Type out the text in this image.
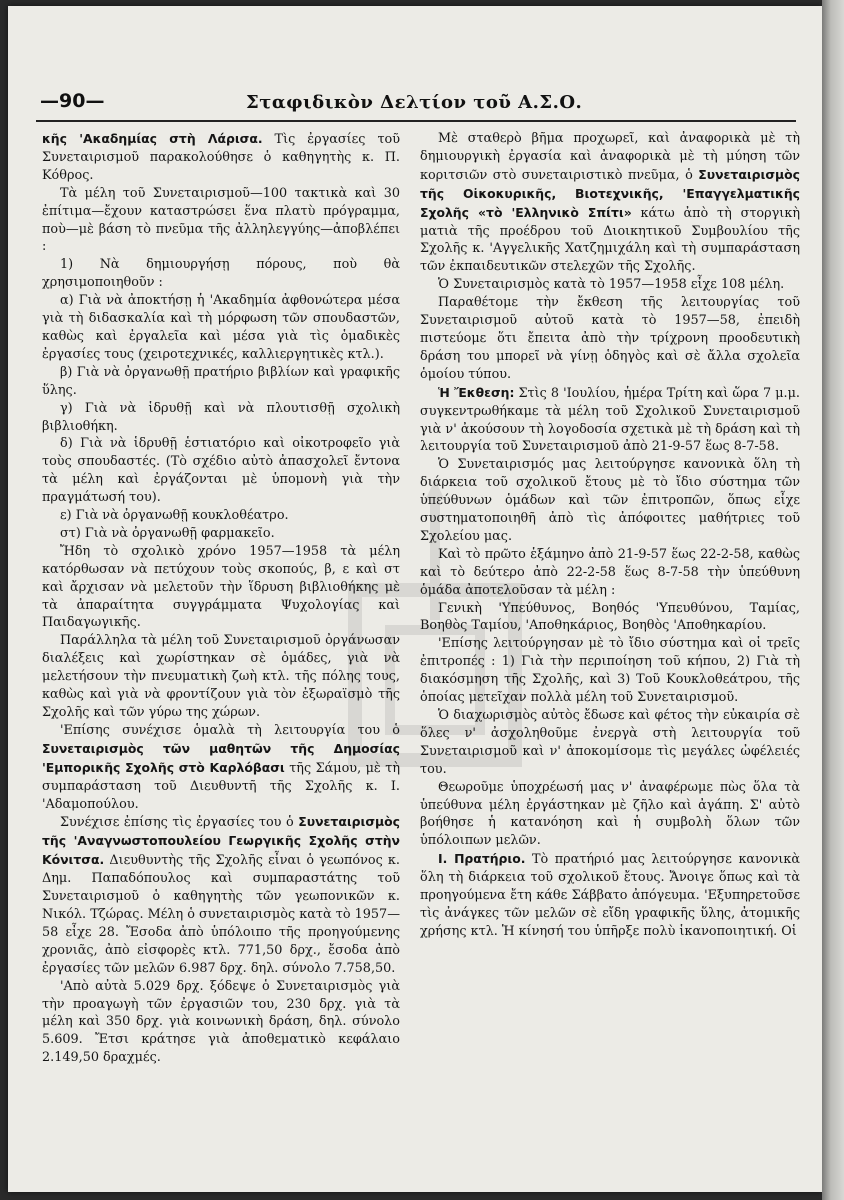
—90—	Σταφιδικὸν Δελτίον τοῦ Α.Σ.Ο.

κῆς 'Ακαδημίας στὴ Λάρισα. Τὶς ἐργασίες τοῦ Συνεταιρισμοῦ παρακολούθησε ὁ καθηγητὴς κ. Π. Κόθρος.

Τὰ μέλη τοῦ Συνεταιρισμοῦ—100 τακτικὰ καὶ 30 ἐπίτιμα—ἔχουν καταστρώσει ἕνα πλατὺ πρόγραμμα, ποὺ—μὲ βάση τὸ πνεῦμα τῆς ἀλληλεγγύης—ἀποβλέπει :

1) Νὰ δημιουργήσῃ πόρους, ποὺ θὰ χρησιμοποιηθοῦν :

α) Γιὰ νὰ ἀποκτήσῃ ἡ 'Ακαδημία ἀφθονώτερα μέσα γιὰ τὴ διδασκαλία καὶ τὴ μόρφωση τῶν σπουδαστῶν, καθὼς καὶ ἐργαλεῖα καὶ μέσα γιὰ τὶς ὁμαδικὲς ἐργασίες τους (χειροτεχνικές, καλλιεργητικὲς κτλ.).

β) Γιὰ νὰ ὀργανωθῇ πρατήριο βιβλίων καὶ γραφικῆς ὕλης.

γ) Γιὰ νὰ ἱδρυθῇ καὶ νὰ πλουτισθῇ σχολικὴ βιβλιοθήκη.

δ) Γιὰ νὰ ἱδρυθῇ ἑστιατόριο καὶ οἰκοτροφεῖο γιὰ τοὺς σπουδαστές. (Τὸ σχέδιο αὐτὸ ἀπασχολεῖ ἔντονα τὰ μέλη καὶ ἐργάζονται μὲ ὑπομονὴ γιὰ τὴν πραγμάτωσή του).

ε) Γιὰ νὰ ὀργανωθῇ κουκλοθέατρο.

στ) Γιὰ νὰ ὀργανωθῇ φαρμακεῖο.

Ἤδη τὸ σχολικὸ χρόνο 1957—1958 τὰ μέλη κατόρθωσαν νὰ πετύχουν τοὺς σκοπούς, β, ε καὶ στ καὶ ἄρχισαν νὰ μελετοῦν τὴν ἵδρυση βιβλιοθήκης μὲ τὰ ἀπαραίτητα συγγράμματα Ψυχολογίας καὶ Παιδαγωγικῆς.

Παράλληλα τὰ μέλη τοῦ Συνεταιρισμοῦ ὀργάνωσαν διαλέξεις καὶ χωρίστηκαν σὲ ὁμάδες, γιὰ νὰ μελετήσουν τὴν πνευματικὴ ζωὴ κτλ. τῆς πόλης τους, καθὼς καὶ γιὰ νὰ φροντίζουν γιὰ τὸν ἐξωραϊσμὸ τῆς Σχολῆς καὶ τῶν γύρω της χώρων.

'Επίσης συνέχισε ὁμαλὰ τὴ λειτουργία του ὁ Συνεταιρισμὸς τῶν μαθητῶν τῆς Δημοσίας 'Εμπορικῆς Σχολῆς στὸ Καρλόβασι τῆς Σάμου, μὲ τὴ συμπαράσταση τοῦ Διευθυντῆ τῆς Σχολῆς κ. Ι. 'Αδαμοπούλου.

Συνέχισε ἐπίσης τὶς ἐργασίες του ὁ Συνεταιρισμὸς τῆς 'Αναγνωστοπουλείου Γεωργικῆς Σχολῆς στὴν Κόνιτσα. Διευθυντὴς τῆς Σχολῆς εἶναι ὁ γεωπόνος κ. Δημ. Παπαδόπουλος καὶ συμπαραστάτης τοῦ Συνεταιρισμοῦ ὁ καθηγητὴς τῶν γεωπονικῶν κ. Νικόλ. Τζώρας. Μέλη ὁ συνεταιρισμὸς κατὰ τὸ 1957—58 εἶχε 28. Ἔσοδα ἀπὸ ὑπόλοιπο τῆς προηγούμενης χρονιᾶς, ἀπὸ εἰσφορὲς κτλ. 771,50 δρχ., ἔσοδα ἀπὸ ἐργασίες τῶν μελῶν 6.987 δρχ. δηλ. σύνολο 7.758,50.

'Απὸ αὐτὰ 5.029 δρχ. ξόδεψε ὁ Συνεταιρισμὸς γιὰ τὴν προαγωγὴ τῶν ἐργασιῶν του, 230 δρχ. γιὰ τὰ μέλη καὶ 350 δρχ. γιὰ κοινωνικὴ δράση, δηλ. σύνολο 5.609. Ἔτσι κράτησε γιὰ ἀποθεματικὸ κεφάλαιο 2.149,50 δραχμές.

Μὲ σταθερὸ βῆμα προχωρεῖ, καὶ ἀναφορικὰ μὲ τὴ δημιουργικὴ ἐργασία καὶ ἀναφορικὰ μὲ τὴ μύηση τῶν κοριτσιῶν στὸ συνεταιριστικὸ πνεῦμα, ὁ Συνεταιρισμὸς τῆς Οἰκοκυρικῆς, Βιοτεχνικῆς, 'Επαγγελματικῆς Σχολῆς «τὸ 'Ελληνικὸ Σπίτι» κάτω ἀπὸ τὴ στοργικὴ ματιὰ τῆς προέδρου τοῦ Διοικητικοῦ Συμβουλίου τῆς Σχολῆς κ. 'Αγγελικῆς Χατζημιχάλη καὶ τὴ συμπαράσταση τῶν ἐκπαιδευτικῶν στελεχῶν τῆς Σχολῆς.

Ὁ Συνεταιρισμὸς κατὰ τὸ 1957—1958 εἶχε 108 μέλη.

Παραθέτομε τὴν ἔκθεση τῆς λειτουργίας τοῦ Συνεταιρισμοῦ αὐτοῦ κατὰ τὸ 1957—58, ἐπειδὴ πιστεύομε ὅτι ἔπειτα ἀπὸ τὴν τρίχρονη προοδευτικὴ δράση του μπορεῖ νὰ γίνῃ ὁδηγὸς καὶ σὲ ἄλλα σχολεῖα ὁμοίου τύπου.

Ἡ Ἔκθεση: Στὶς 8 'Ιουλίου, ἡμέρα Τρίτη καὶ ὥρα 7 μ.μ. συγκεντρωθήκαμε τὰ μέλη τοῦ Σχολικοῦ Συνεταιρισμοῦ γιὰ ν' ἀκούσουν τὴ λογοδοσία σχετικὰ μὲ τὴ δράση καὶ τὴ λειτουργία τοῦ Συνεταιρισμοῦ ἀπὸ 21-9-57 ἕως 8-7-58.

Ὁ Συνεταιρισμός μας λειτούργησε κανονικὰ ὅλη τὴ διάρκεια τοῦ σχολικοῦ ἔτους μὲ τὸ ἴδιο σύστημα τῶν ὑπεύθυνων ὁμάδων καὶ τῶν ἐπιτροπῶν, ὅπως εἶχε συστηματοποιηθῆ ἀπὸ τὶς ἀπόφοιτες μαθήτριες τοῦ Σχολείου μας.

Καὶ τὸ πρῶτο ἑξάμηνο ἀπὸ 21-9-57 ἕως 22-2-58, καθὼς καὶ τὸ δεύτερο ἀπὸ 22-2-58 ἕως 8-7-58 τὴν ὑπεύθυνη ὁμάδα ἀποτελοῦσαν τὰ μέλη :

Γενικὴ 'Υπεύθυνος, Βοηθός 'Υπευθύνου, Ταμίας, Βοηθὸς Ταμίου, 'Αποθηκάριος, Βοηθὸς 'Αποθηκαρίου.

'Επίσης λειτούργησαν μὲ τὸ ἴδιο σύστημα καὶ οἱ τρεῖς ἐπιτροπές : 1) Γιὰ τὴν περιποίηση τοῦ κήπου, 2) Γιὰ τὴ διακόσμηση τῆς Σχολῆς, καὶ 3) Τοῦ Κουκλοθεάτρου, τῆς ὁποίας μετεῖχαν πολλὰ μέλη τοῦ Συνεταιρισμοῦ.

Ὁ διαχωρισμὸς αὐτὸς ἔδωσε καὶ φέτος τὴν εὐκαιρία σὲ ὅλες ν' ἀσχοληθοῦμε ἐνεργὰ στὴ λειτουργία τοῦ Συνεταιρισμοῦ καὶ ν' ἀποκομίσομε τὶς μεγάλες ὠφέλειές του.

Θεωροῦμε ὑποχρέωσή μας ν' ἀναφέρωμε πὼς ὅλα τὰ ὑπεύθυνα μέλη ἐργάστηκαν μὲ ζῆλο καὶ ἀγάπη. Σ' αὐτὸ βοήθησε ἡ κατανόηση καὶ ἡ συμβολὴ ὅλων τῶν ὑπόλοιπων μελῶν.

Ι. Πρατήριο. Τὸ πρατήριό μας λειτούργησε κανονικὰ ὅλη τὴ διάρκεια τοῦ σχολικοῦ ἔτους. Ἄνοιγε ὅπως καὶ τὰ προηγούμενα ἔτη κάθε Σάββατο ἀπόγευμα. 'Εξυπηρετοῦσε τὶς ἀνάγκες τῶν μελῶν σὲ εἴδη γραφικῆς ὕλης, ἀτομικῆς χρήσης κτλ. Ἡ κίνησή του ὑπῆρξε πολὺ ἱκανοποιητική. Οἱ
